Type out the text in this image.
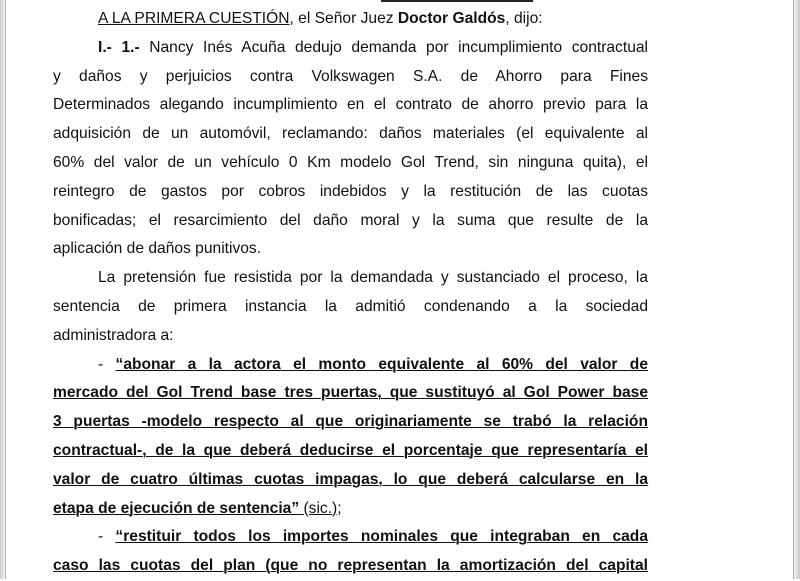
A LA PRIMERA CUESTIÓN, el Señor Juez Doctor Galdós, dijo:

I.- 1.- Nancy Inés Acuña dedujo demanda por incumplimiento contractual

y daños y perjuicios contra Volkswagen S.A. de Ahorro para Fines

Determinados alegando incumplimiento en el contrato de ahorro previo para la

adquisición de un automóvil, reclamando: daños materiales (el equivalente al

60% del valor de un vehículo 0 Km modelo Gol Trend, sin ninguna quita), el

reintegro de gastos por cobros indebidos y la restitución de las cuotas

bonificadas; el resarcimiento del daño moral y la suma que resulte de la

aplicación de daños punitivos.

La pretensión fue resistida por la demandada y sustanciado el proceso, la

sentencia de primera instancia la admitió condenando a la sociedad

administradora a:

- “abonar a la actora el monto equivalente al 60% del valor de

mercado del Gol Trend base tres puertas, que sustituyó al Gol Power base

3 puertas -modelo respecto al que originariamente se trabó la relación

contractual-, de la que deberá deducirse el porcentaje que representaría el

valor de cuatro últimas cuotas impagas, lo que deberá calcularse en la

etapa de ejecución de sentencia” (sic.);

- “restituir todos los importes nominales que integraban en cada

caso las cuotas del plan (que no representan la amortización del capital
